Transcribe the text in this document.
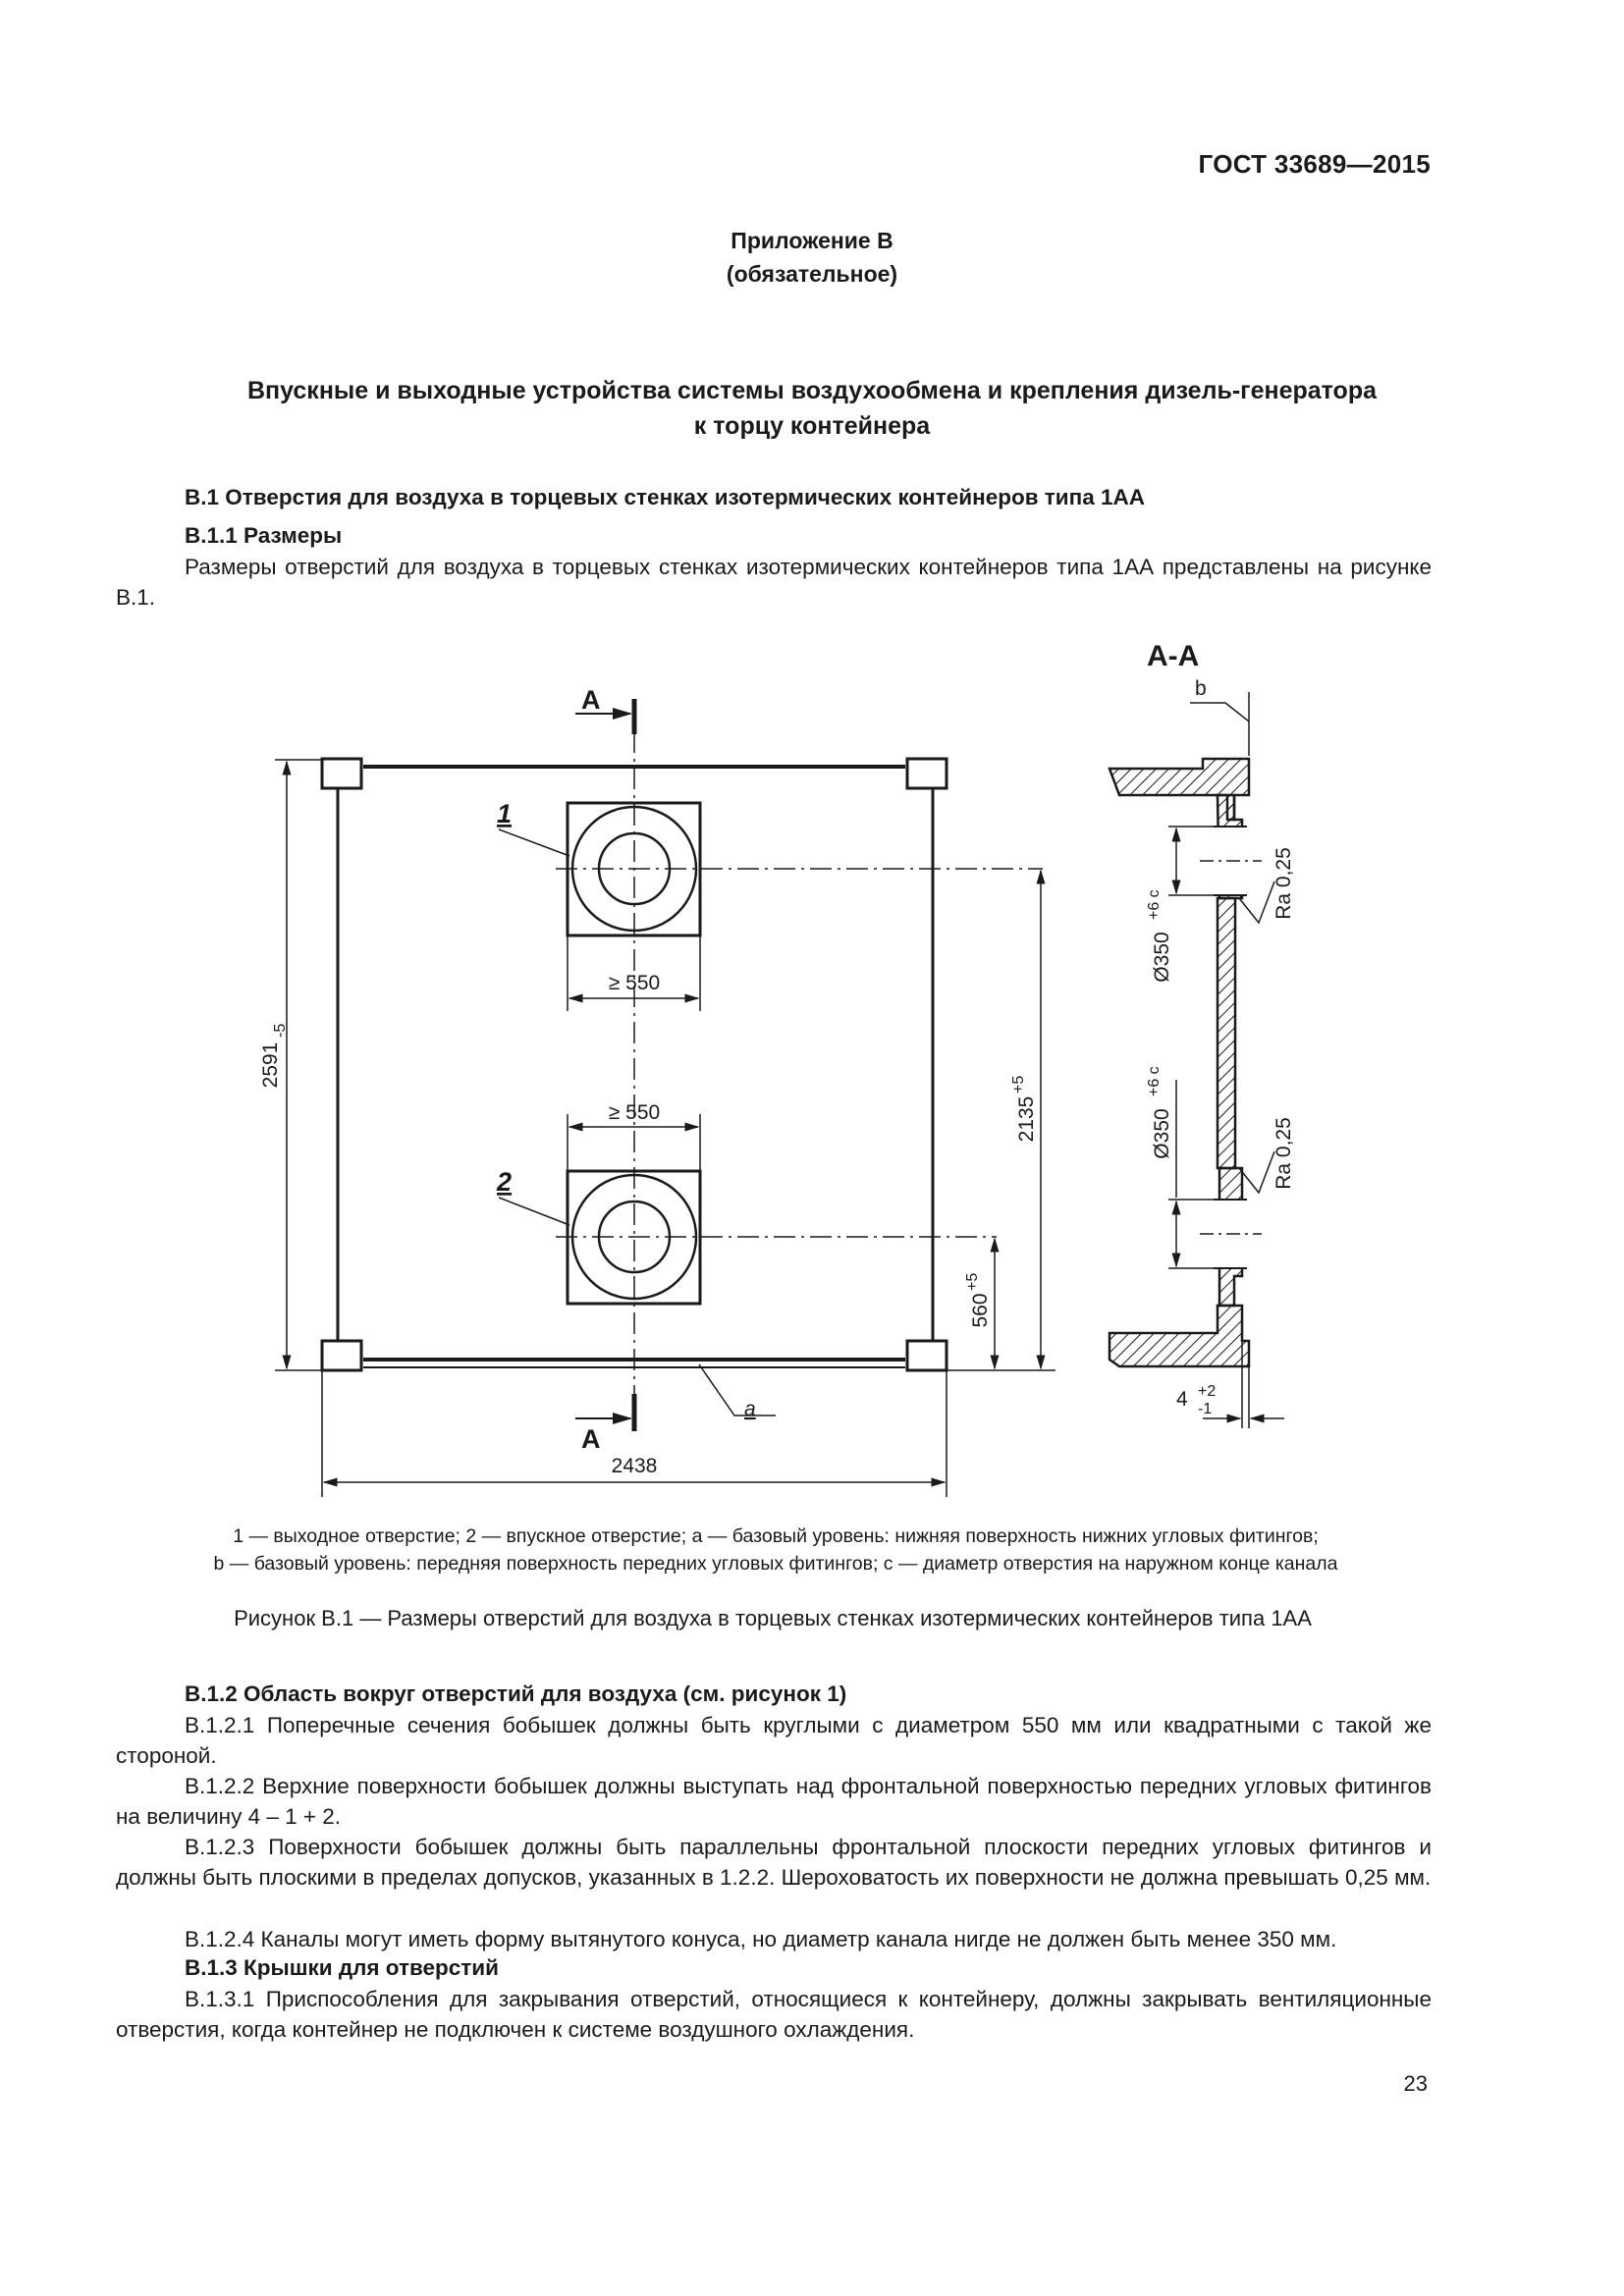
ГОСТ 33689—2015
Приложение В
(обязательное)
Впускные и выходные устройства системы воздухообмена и крепления дизель-генератора
к торцу контейнера
В.1 Отверстия для воздуха в торцевых стенках изотермических контейнеров типа 1АА
В.1.1 Размеры
Размеры отверстий для воздуха в торцевых стенках изотермических контейнеров типа 1АА представлены на рисунке В.1.
А
А
1
2
≥ 550
≥ 550
a
2438
2591
-5
2135
+5
560
+5
А-А
b
Ø350
+6 c
Ø350
+6 c
Ra 0,25
Ra 0,25
4 +2
-1
1 — выходное отверстие; 2 — впускное отверстие; a — базовый уровень: нижняя поверхность нижних угловых фитингов;
b — базовый уровень: передняя поверхность передних угловых фитингов; c — диаметр отверстия на наружном конце канала
Рисунок В.1 — Размеры отверстий для воздуха в торцевых стенках изотермических контейнеров типа 1АА
В.1.2 Область вокруг отверстий для воздуха (см. рисунок 1)
В.1.2.1 Поперечные сечения бобышек должны быть круглыми с диаметром 550 мм или квадратными с такой же стороной.
В.1.2.2 Верхние поверхности бобышек должны выступать над фронтальной поверхностью передних угловых фитингов на величину 4 – 1 + 2.
В.1.2.3 Поверхности бобышек должны быть параллельны фронтальной плоскости передних угловых фитингов и должны быть плоскими в пределах допусков, указанных в 1.2.2. Шероховатость их поверхности не должна превышать 0,25 мм.
В.1.2.4 Каналы могут иметь форму вытянутого конуса, но диаметр канала нигде не должен быть менее 350 мм.
В.1.3 Крышки для отверстий
В.1.3.1 Приспособления для закрывания отверстий, относящиеся к контейнеру, должны закрывать вентиляционные отверстия, когда контейнер не подключен к системе воздушного охлаждения.
23
